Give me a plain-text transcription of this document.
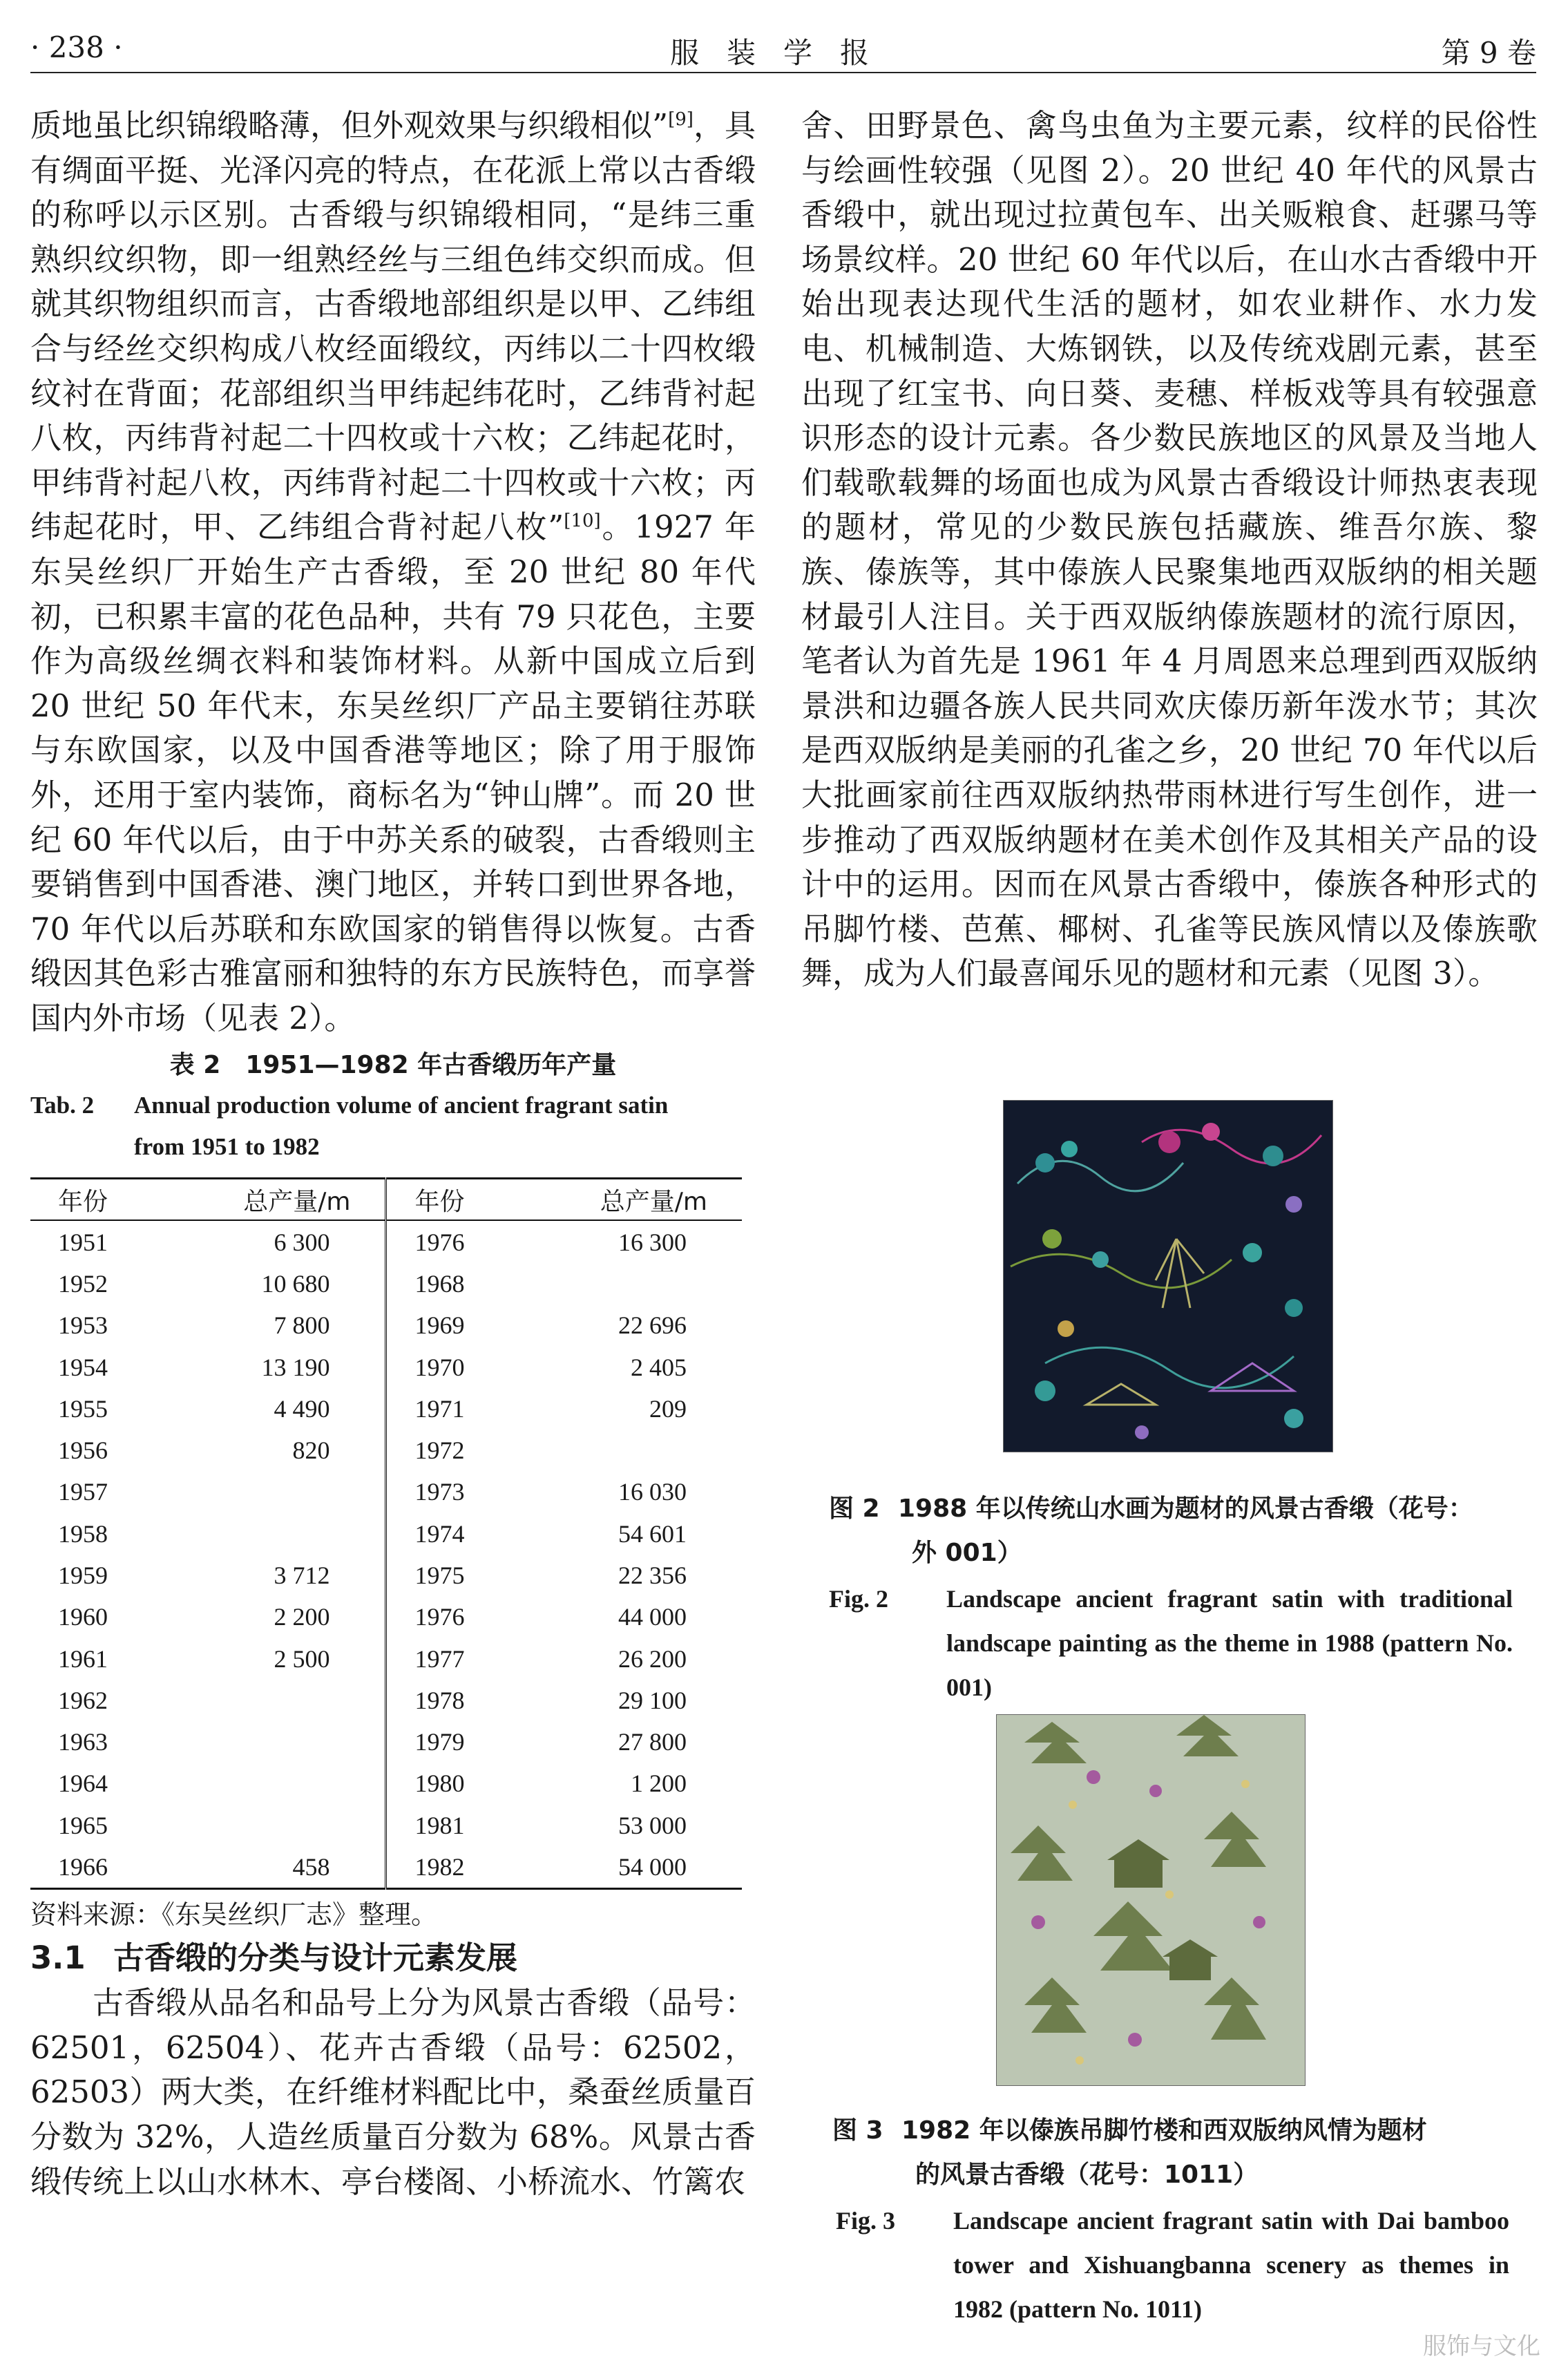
· 238 ·	服装学报	第 9 卷

质地虽比织锦缎略薄，但外观效果与织缎相似”[9]，具有绸面平挺、光泽闪亮的特点，在花派上常以古香缎的称呼以示区别。古香缎与织锦缎相同，“是纬三重熟织纹织物，即一组熟经丝与三组色纬交织而成。但就其织物组织而言，古香缎地部组织是以甲、乙纬组合与经丝交织构成八枚经面缎纹，丙纬以二十四枚缎纹衬在背面；花部组织当甲纬起纬花时，乙纬背衬起八枚，丙纬背衬起二十四枚或十六枚；乙纬起花时，甲纬背衬起八枚，丙纬背衬起二十四枚或十六枚；丙纬起花时，甲、乙纬组合背衬起八枚”[10]。1927 年东吴丝织厂开始生产古香缎，至 20 世纪 80 年代初，已积累丰富的花色品种，共有 79 只花色，主要作为高级丝绸衣料和装饰材料。从新中国成立后到 20 世纪 50 年代末，东吴丝织厂产品主要销往苏联与东欧国家，以及中国香港等地区；除了用于服饰外，还用于室内装饰，商标名为“钟山牌”。而 20 世纪 60 年代以后，由于中苏关系的破裂，古香缎则主要销售到中国香港、澳门地区，并转口到世界各地，70 年代以后苏联和东欧国家的销售得以恢复。古香缎因其色彩古雅富丽和独特的东方民族特色，而享誉国内外市场（见表 2）。

表 2　1951—1982 年古香缎历年产量
Tab. 2 Annual production volume of ancient fragrant satin
from 1951 to 1982
年份	总产量/m	年份	总产量/m
1951	6 300	1976	16 300
1952	10 680	1968	
1953	7 800	1969	22 696
1954	13 190	1970	2 405
1955	4 490	1971	209
1956	820	1972	
1957		1973	16 030
1958		1974	54 601
1959	3 712	1975	22 356
1960	2 200	1976	44 000
1961	2 500	1977	26 200
1962		1978	29 100
1963		1979	27 800
1964		1980	1 200
1965		1981	53 000
1966	458	1982	54 000
资料来源：《东吴丝织厂志》整理。
3.1 古香缎的分类与设计元素发展

古香缎从品名和品号上分为风景古香缎（品号：62501，62504）、花卉古香缎（品号：62502，62503）两大类，在纤维材料配比中，桑蚕丝质量百分数为 32%，人造丝质量百分数为 68%。风景古香缎传统上以山水林木、亭台楼阁、小桥流水、竹篱农

舍、田野景色、禽鸟虫鱼为主要元素，纹样的民俗性与绘画性较强（见图 2）。20 世纪 40 年代的风景古香缎中，就出现过拉黄包车、出关贩粮食、赶骡马等场景纹样。20 世纪 60 年代以后，在山水古香缎中开始出现表达现代生活的题材，如农业耕作、水力发电、机械制造、大炼钢铁，以及传统戏剧元素，甚至出现了红宝书、向日葵、麦穗、样板戏等具有较强意识形态的设计元素。各少数民族地区的风景及当地人们载歌载舞的场面也成为风景古香缎设计师热衷表现的题材，常见的少数民族包括藏族、维吾尔族、黎族、傣族等，其中傣族人民聚集地西双版纳的相关题材最引人注目。关于西双版纳傣族题材的流行原因，笔者认为首先是 1961 年 4 月周恩来总理到西双版纳景洪和边疆各族人民共同欢庆傣历新年泼水节；其次是西双版纳是美丽的孔雀之乡，20 世纪 70 年代以后大批画家前往西双版纳热带雨林进行写生创作，进一步推动了西双版纳题材在美术创作及其相关产品的设计中的运用。因而在风景古香缎中，傣族各种形式的吊脚竹楼、芭蕉、椰树、孔雀等民族风情以及傣族歌舞，成为人们最喜闻乐见的题材和元素（见图 3）。

图 2 1988 年以传统山水画为题材的风景古香缎（花号：
外 001）
Fig. 2 Landscape ancient fragrant satin with traditional landscape painting as the theme in 1988 (pattern No. 001)
图 3 1982 年以傣族吊脚竹楼和西双版纳风情为题材
的风景古香缎（花号：1011）
Fig. 3 Landscape ancient fragrant satin with Dai bamboo tower and Xishuangbanna scenery as themes in 1982 (pattern No. 1011)
服饰与文化
